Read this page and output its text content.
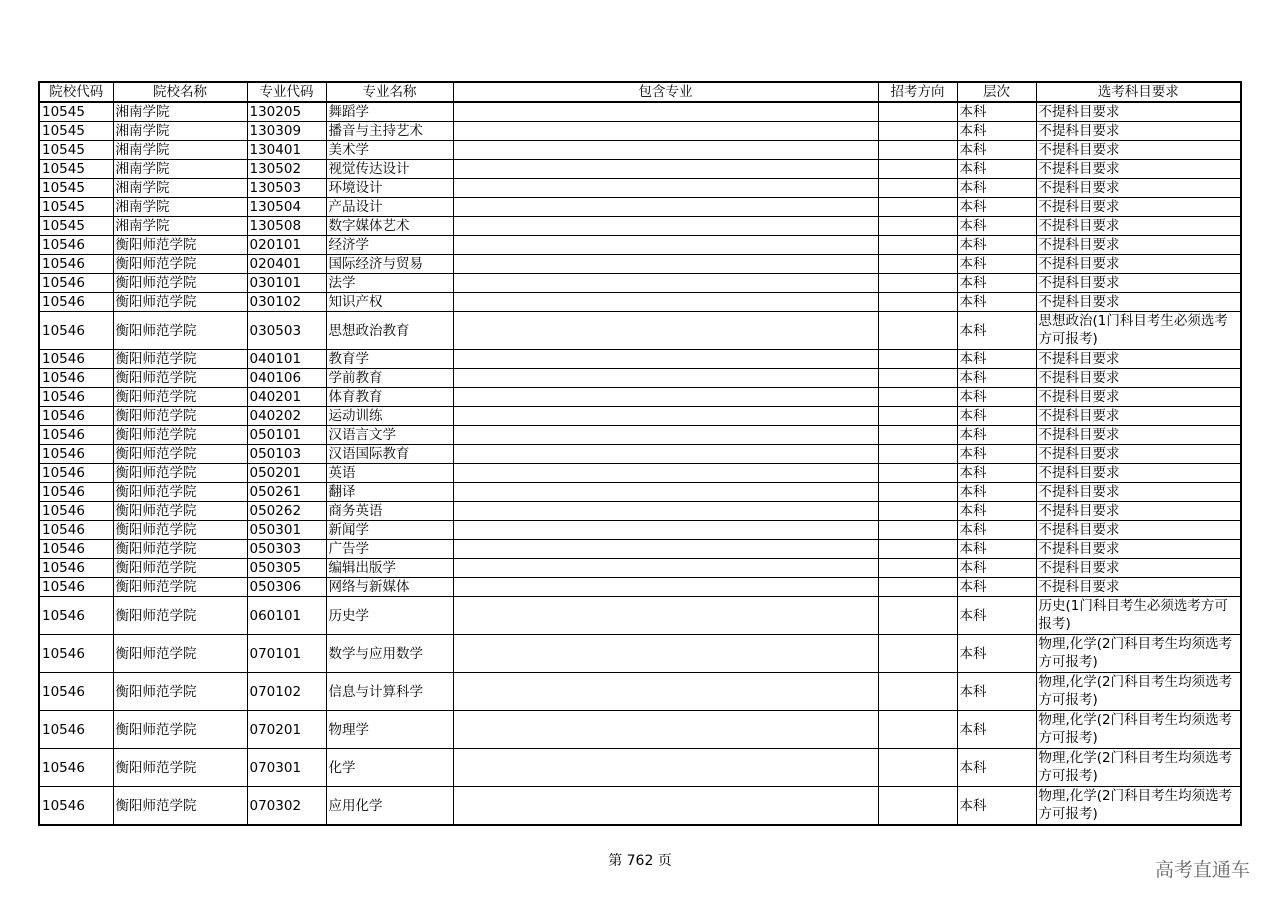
院校代码	院校名称	专业代码	专业名称	包含专业	招考方向	层次	选考科目要求
10545	湘南学院	130205	舞蹈学			本科	不提科目要求
10545	湘南学院	130309	播音与主持艺术			本科	不提科目要求
10545	湘南学院	130401	美术学			本科	不提科目要求
10545	湘南学院	130502	视觉传达设计			本科	不提科目要求
10545	湘南学院	130503	环境设计			本科	不提科目要求
10545	湘南学院	130504	产品设计			本科	不提科目要求
10545	湘南学院	130508	数字媒体艺术			本科	不提科目要求
10546	衡阳师范学院	020101	经济学			本科	不提科目要求
10546	衡阳师范学院	020401	国际经济与贸易			本科	不提科目要求
10546	衡阳师范学院	030101	法学			本科	不提科目要求
10546	衡阳师范学院	030102	知识产权			本科	不提科目要求
10546	衡阳师范学院	030503	思想政治教育			本科	思想政治(1门科目考生必须选考方可报考)
10546	衡阳师范学院	040101	教育学			本科	不提科目要求
10546	衡阳师范学院	040106	学前教育			本科	不提科目要求
10546	衡阳师范学院	040201	体育教育			本科	不提科目要求
10546	衡阳师范学院	040202	运动训练			本科	不提科目要求
10546	衡阳师范学院	050101	汉语言文学			本科	不提科目要求
10546	衡阳师范学院	050103	汉语国际教育			本科	不提科目要求
10546	衡阳师范学院	050201	英语			本科	不提科目要求
10546	衡阳师范学院	050261	翻译			本科	不提科目要求
10546	衡阳师范学院	050262	商务英语			本科	不提科目要求
10546	衡阳师范学院	050301	新闻学			本科	不提科目要求
10546	衡阳师范学院	050303	广告学			本科	不提科目要求
10546	衡阳师范学院	050305	编辑出版学			本科	不提科目要求
10546	衡阳师范学院	050306	网络与新媒体			本科	不提科目要求
10546	衡阳师范学院	060101	历史学			本科	历史(1门科目考生必须选考方可报考)
10546	衡阳师范学院	070101	数学与应用数学			本科	物理,化学(2门科目考生均须选考方可报考)
10546	衡阳师范学院	070102	信息与计算科学			本科	物理,化学(2门科目考生均须选考方可报考)
10546	衡阳师范学院	070201	物理学			本科	物理,化学(2门科目考生均须选考方可报考)
10546	衡阳师范学院	070301	化学			本科	物理,化学(2门科目考生均须选考方可报考)
10546	衡阳师范学院	070302	应用化学			本科	物理,化学(2门科目考生均须选考方可报考)
第 762 页	高考直通车
